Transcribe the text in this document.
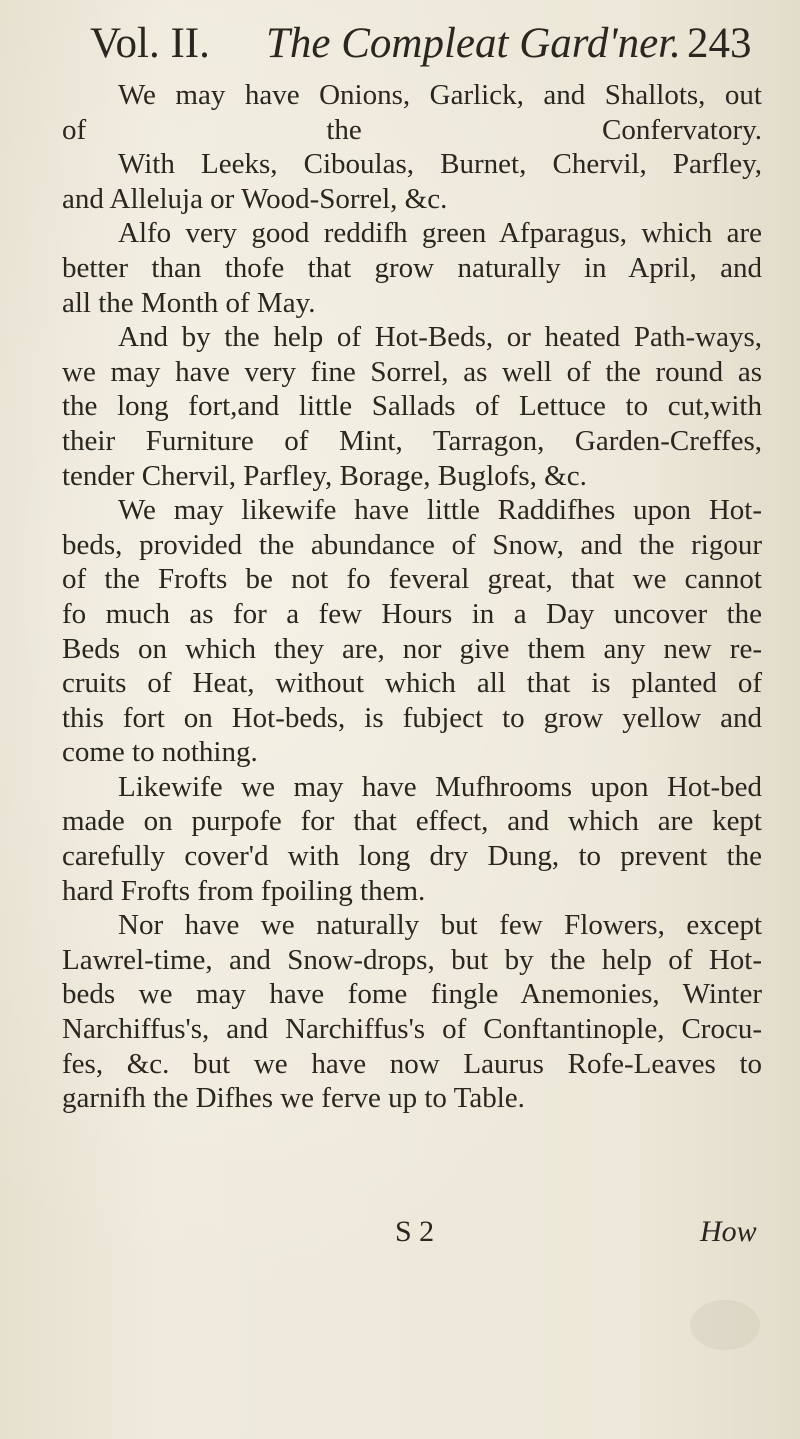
Vol. II. The Compleat Gard'ner. 243
We may have Onions, Garlick, and Shallots, out
of the Confervatory.
With Leeks, Ciboulas, Burnet, Chervil, Parfley,
and Alleluja or Wood-Sorrel, &c.
Alfo very good reddifh green Afparagus, which are
better than thofe that grow naturally in April, and
all the Month of May.
And by the help of Hot-Beds, or heated Path-ways,
we may have very fine Sorrel, as well of the round as
the long fort,and little Sallads of Lettuce to cut,with
their Furniture of Mint, Tarragon, Garden-Creffes,
tender Chervil, Parfley, Borage, Buglofs, &c.
We may likewife have little Raddifhes upon Hot-
beds, provided the abundance of Snow, and the rigour
of the Frofts be not fo feveral great, that we cannot
fo much as for a few Hours in a Day uncover the
Beds on which they are, nor give them any new re-
cruits of Heat, without which all that is planted of
this fort on Hot-beds, is fubject to grow yellow and
come to nothing.
Likewife we may have Mufhrooms upon Hot-bed
made on purpofe for that effect, and which are kept
carefully cover'd with long dry Dung, to prevent the
hard Frofts from fpoiling them.
Nor have we naturally but few Flowers, except
Lawrel-time, and Snow-drops, but by the help of Hot-
beds we may have fome fingle Anemonies, Winter
Narchiffus's, and Narchiffus's of Conftantinople, Crocu-
fes, &c. but we have now Laurus Rofe-Leaves to
garnifh the Difhes we ferve up to Table.
S 2	How
